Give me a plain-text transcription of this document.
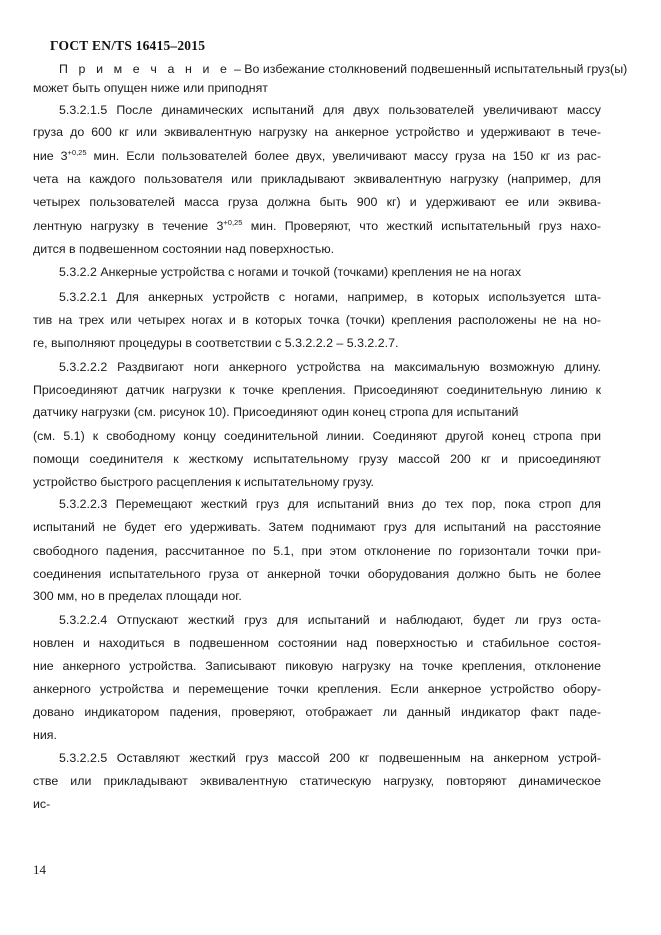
ГОСТ EN/TS 16415–2015
П р и м е ч а н и е – Во избежание столкновений подвешенный испытательный груз(ы)
может быть опущен ниже или приподнят
5.3.2.1.5 После динамических испытаний для двух пользователей увеличивают массу
груза до 600 кг или эквивалентную нагрузку на анкерное устройство и удерживают в тече-
ние $3^{+0,25}$ мин. Если пользователей более двух, увеличивают массу груза на 150 кг из рас-
чета на каждого пользователя или прикладывают эквивалентную нагрузку (например, для
четырех пользователей масса груза должна быть 900 кг) и удерживают ее или эквива-
лентную нагрузку в течение $3^{+0,25}$ мин. Проверяют, что жесткий испытательный груз нахо-
дится в подвешенном состоянии над поверхностью.
5.3.2.2 Анкерные устройства с ногами и точкой (точками) крепления не на ногах
5.3.2.2.1 Для анкерных устройств с ногами, например, в которых используется шта-
тив на трех или четырех ногах и в которых точка (точки) крепления расположены не на но-
ге, выполняют процедуры в соответствии с 5.3.2.2.2 – 5.3.2.2.7.
5.3.2.2.2 Раздвигают ноги анкерного устройства на максимальную возможную длину.
Присоединяют датчик нагрузки к точке крепления. Присоединяют соединительную линию к
датчику нагрузки (см. рисунок 10). Присоединяют один конец стропа для испытаний
(см. 5.1) к свободному концу соединительной линии. Соединяют другой конец стропа при
помощи соединителя к жесткому испытательному грузу массой 200 кг и присоединяют
устройство быстрого расцепления к испытательному грузу.
5.3.2.2.3 Перемещают жесткий груз для испытаний вниз до тех пор, пока строп для
испытаний не будет его удерживать. Затем поднимают груз для испытаний на расстояние
свободного падения, рассчитанное по 5.1, при этом отклонение по горизонтали точки при-
соединения испытательного груза от анкерной точки оборудования должно быть не более
300 мм, но в пределах площади ног.
5.3.2.2.4 Отпускают жесткий груз для испытаний и наблюдают, будет ли груз оста-
новлен и находиться в подвешенном состоянии над поверхностью и стабильное состоя-
ние анкерного устройства. Записывают пиковую нагрузку на точке крепления, отклонение
анкерного устройства и перемещение точки крепления. Если анкерное устройство обору-
довано индикатором падения, проверяют, отображает ли данный индикатор факт паде-
ния.
5.3.2.2.5 Оставляют жесткий груз массой 200 кг подвешенным на анкерном устрой-
стве или прикладывают эквивалентную статическую нагрузку, повторяют динамическое
ис-
14
